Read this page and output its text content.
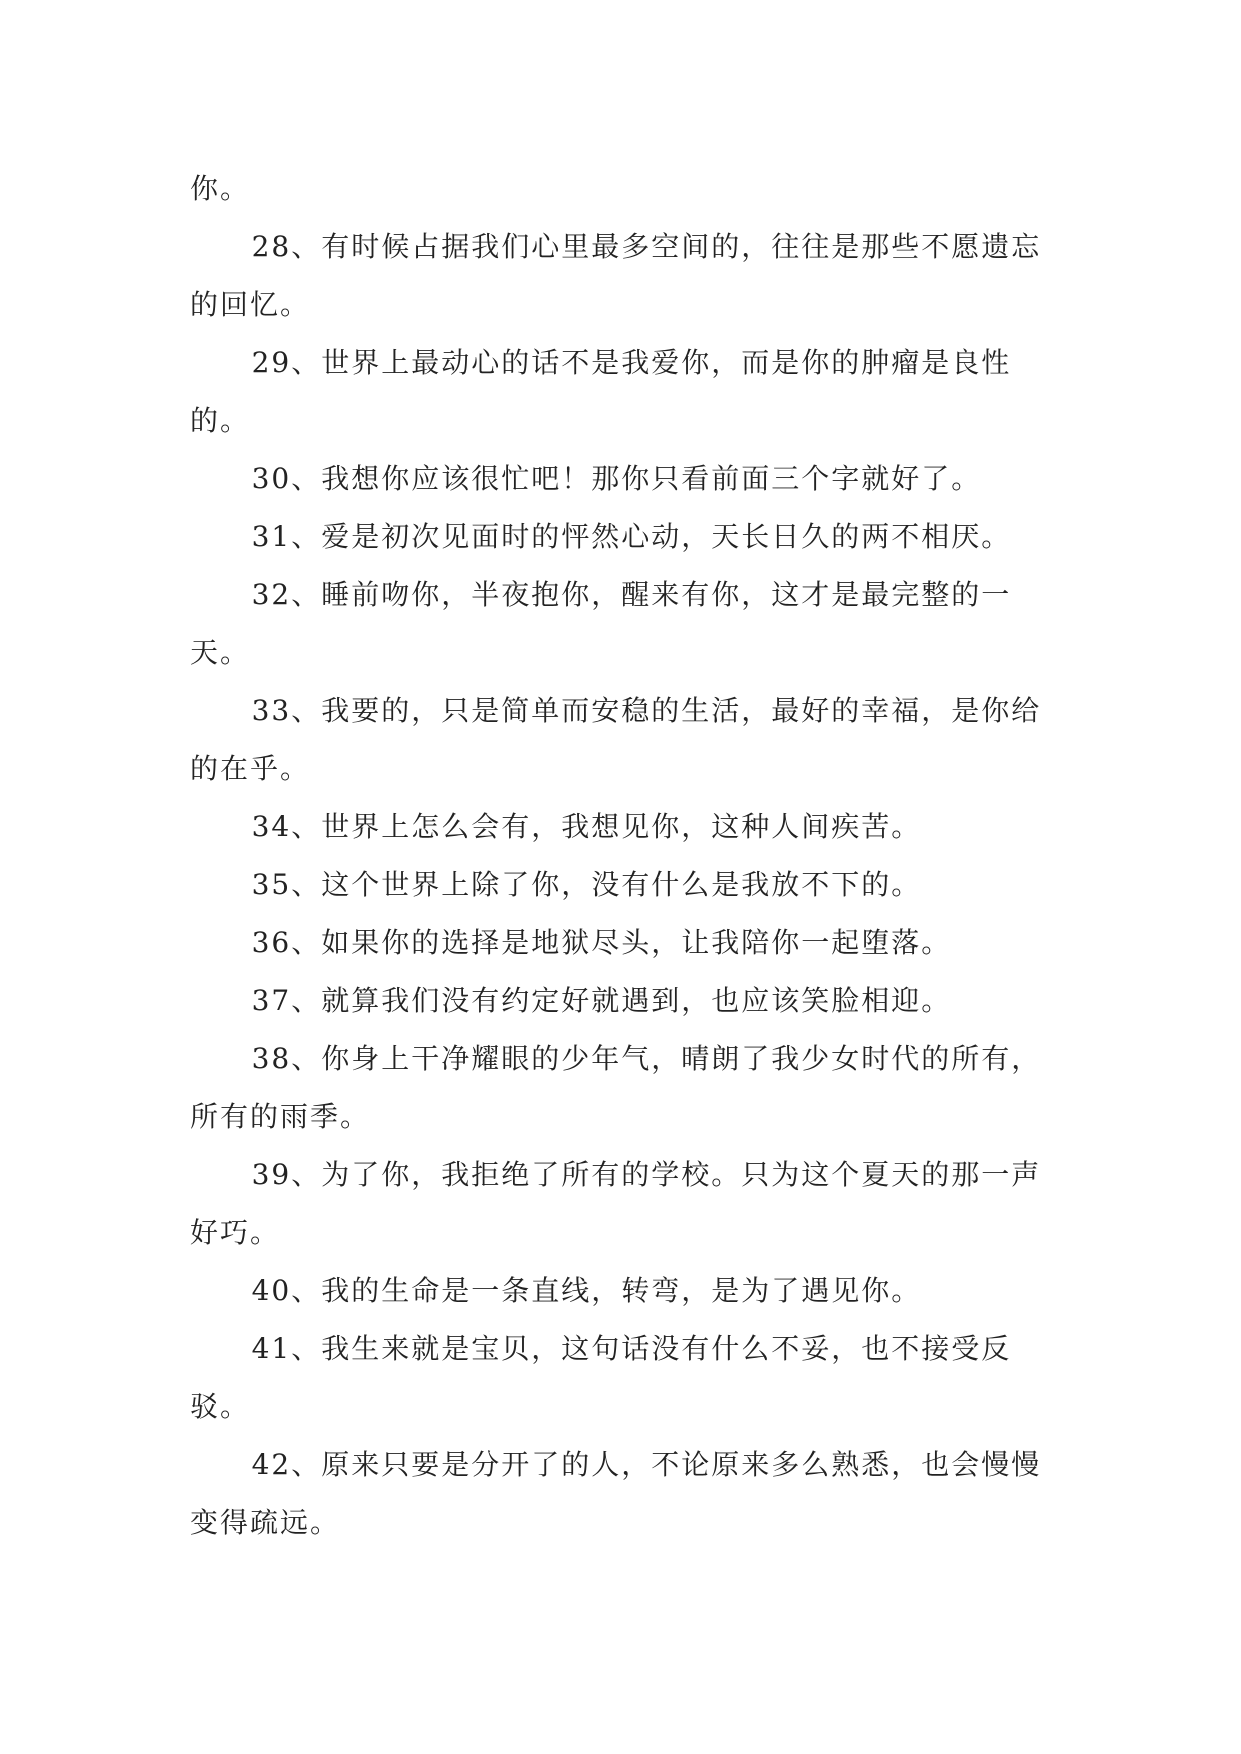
你。

28、有时候占据我们心里最多空间的，往往是那些不愿遗忘的回忆。

29、世界上最动心的话不是我爱你，而是你的肿瘤是良性的。

30、我想你应该很忙吧！那你只看前面三个字就好了。

31、爱是初次见面时的怦然心动，天长日久的两不相厌。

32、睡前吻你，半夜抱你，醒来有你，这才是最完整的一天。

33、我要的，只是简单而安稳的生活，最好的幸福，是你给的在乎。

34、世界上怎么会有，我想见你，这种人间疾苦。

35、这个世界上除了你，没有什么是我放不下的。

36、如果你的选择是地狱尽头，让我陪你一起堕落。

37、就算我们没有约定好就遇到，也应该笑脸相迎。

38、你身上干净耀眼的少年气，晴朗了我少女时代的所有，所有的雨季。

39、为了你，我拒绝了所有的学校。只为这个夏天的那一声好巧。

40、我的生命是一条直线，转弯，是为了遇见你。

41、我生来就是宝贝，这句话没有什么不妥，也不接受反驳。

42、原来只要是分开了的人，不论原来多么熟悉，也会慢慢变得疏远。
